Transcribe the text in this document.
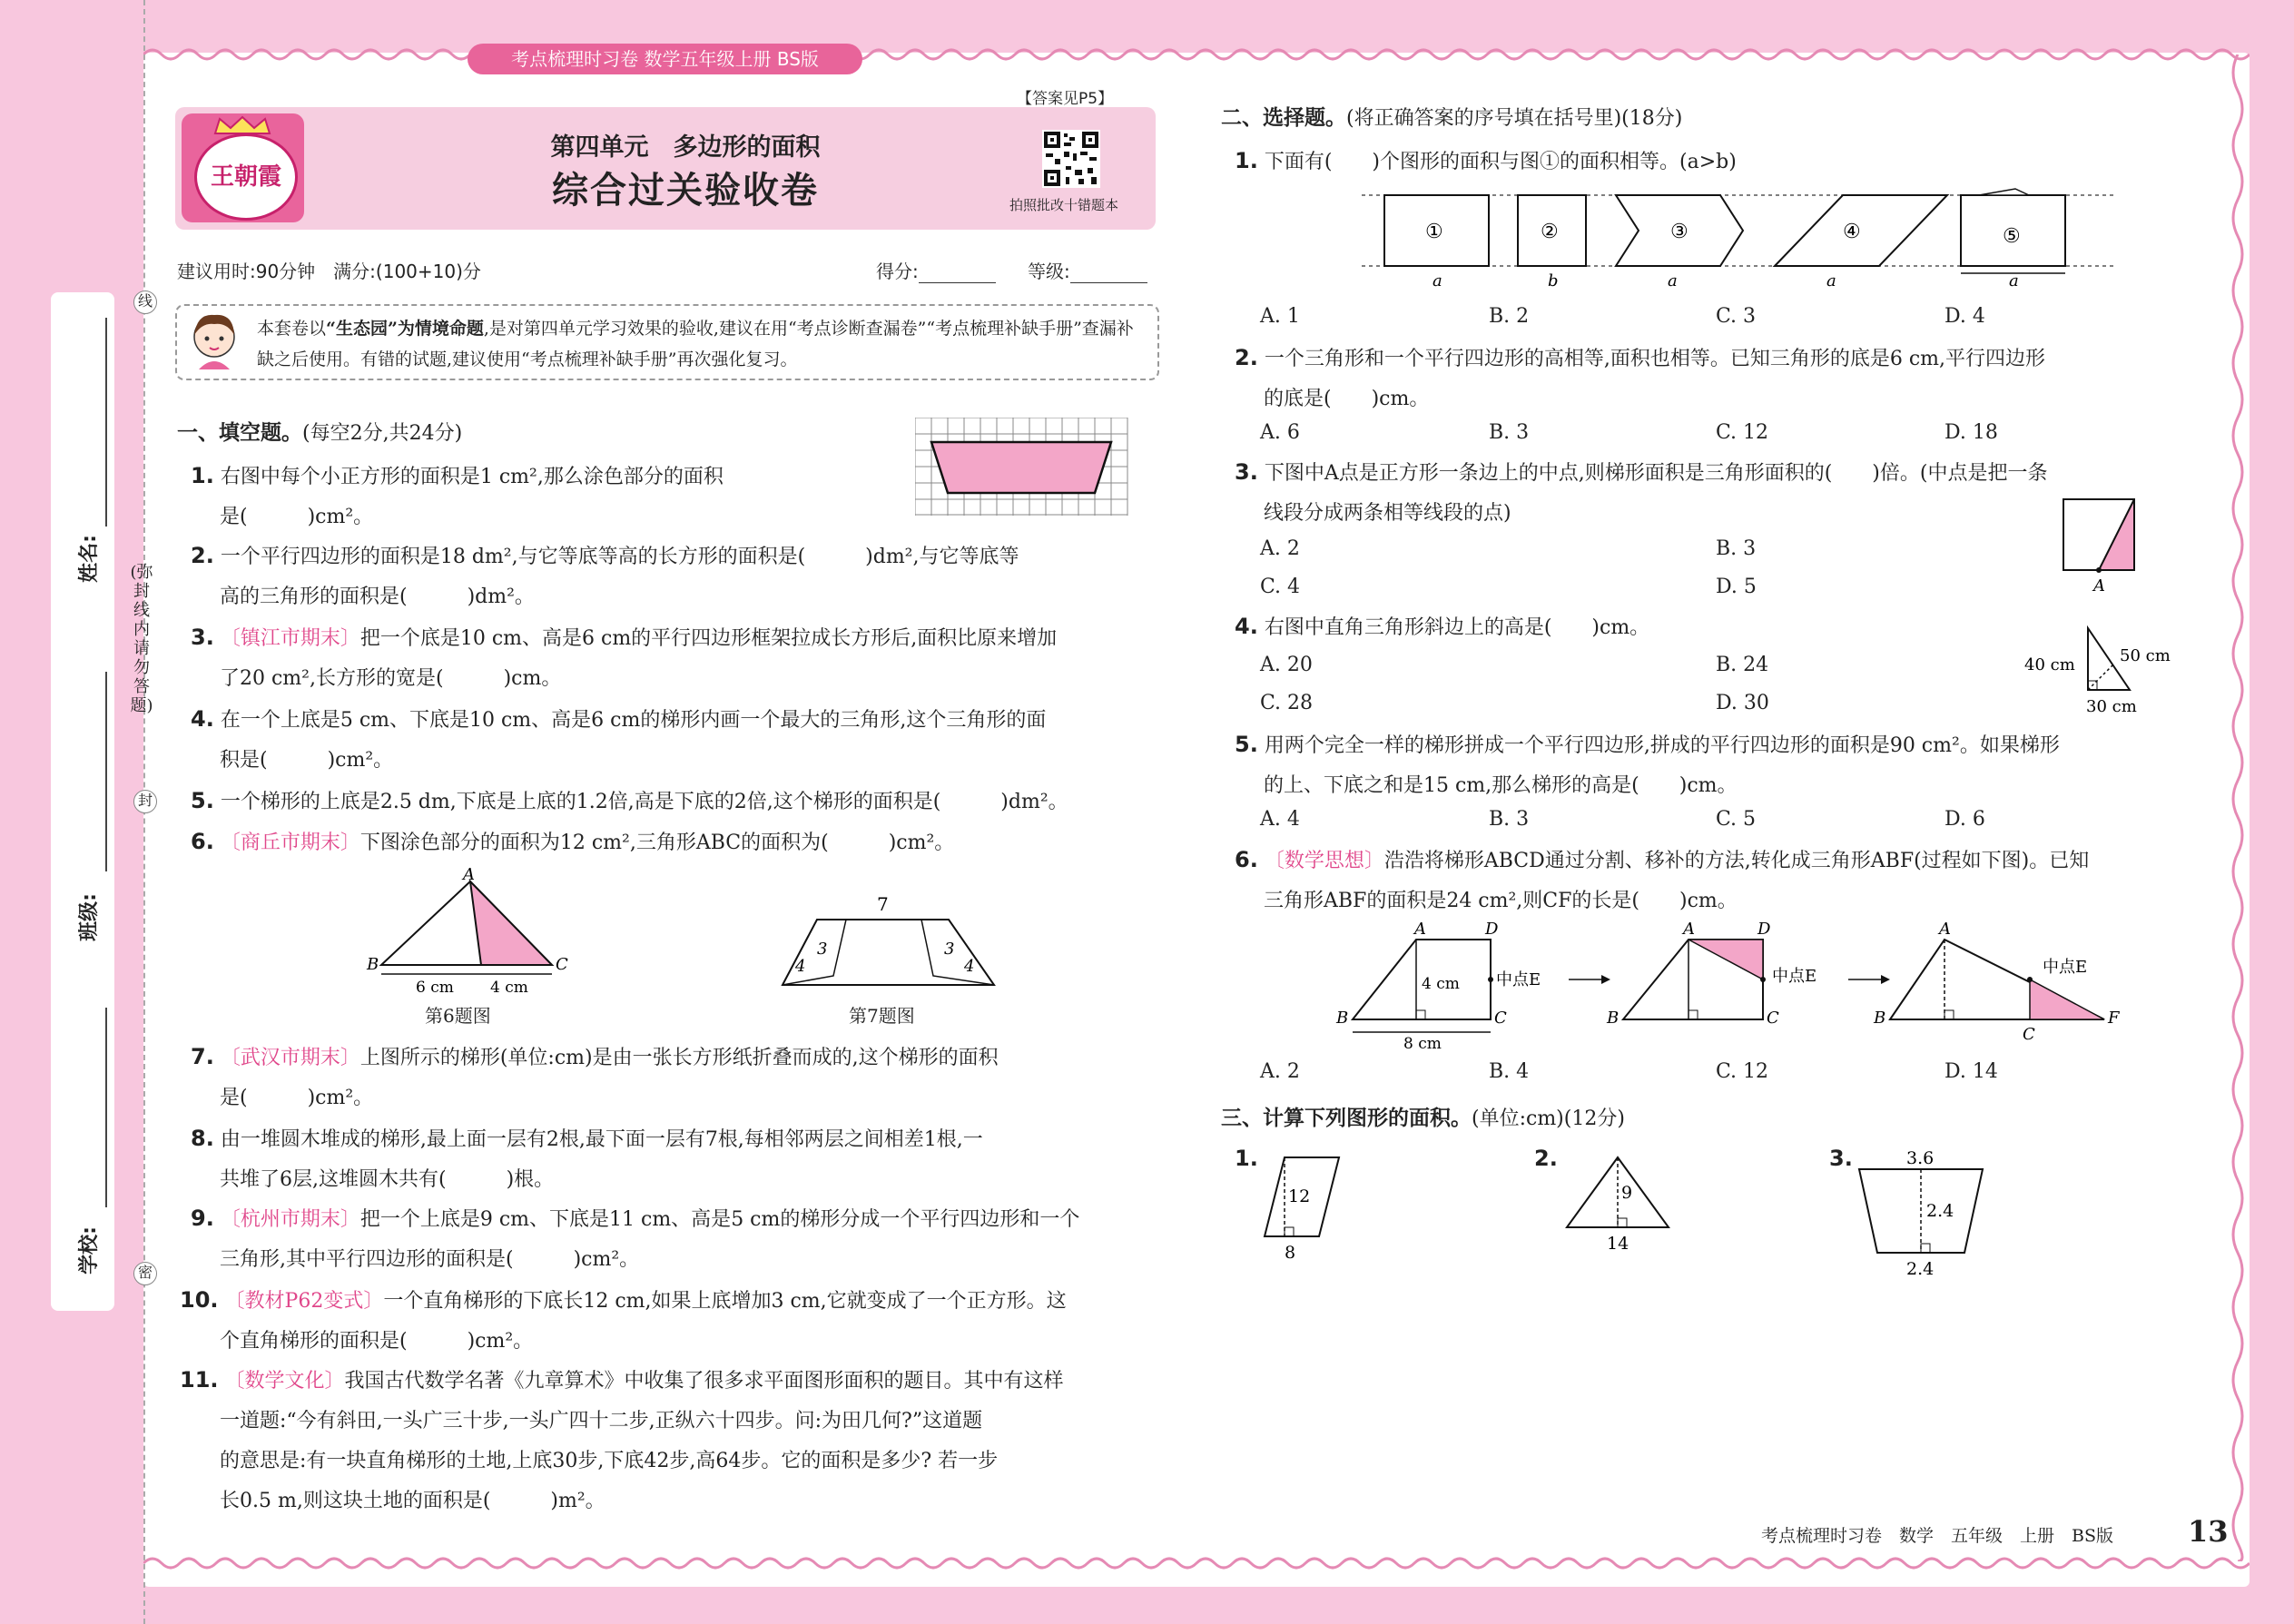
考点梳理时习卷 数学五年级上册 BS版
姓名:
班级:
学校:
线
封
密
(弥封线内请勿答题)
王朝霞
第四单元　多边形的面积
综合过关验收卷
【答案见P5】
拍照批改十错题本
建议用时:90分钟　满分:(100+10)分	得分:	等级:
本套卷以“生态园”为情境命题,是对第四单元学习效果的验收,建议在用“考点诊断查漏卷”“考点梳理补缺手册”查漏补缺之后使用。有错的试题,建议使用“考点梳理补缺手册”再次强化复习。
一、填空题。(每空2分,共24分)
1. 右图中每个小正方形的面积是1 cm²,那么涂色部分的面积
是(　　　)cm²。
2. 一个平行四边形的面积是18 dm²,与它等底等高的长方形的面积是(　　　)dm²,与它等底等
高的三角形的面积是(　　　)dm²。
3. 〔镇江市期末〕把一个底是10 cm、高是6 cm的平行四边形框架拉成长方形后,面积比原来增加
了20 cm²,长方形的宽是(　　　)cm。
4. 在一个上底是5 cm、下底是10 cm、高是6 cm的梯形内画一个最大的三角形,这个三角形的面
积是(　　　)cm²。
5. 一个梯形的上底是2.5 dm,下底是上底的1.2倍,高是下底的2倍,这个梯形的面积是(　　　)dm²。
6. 〔商丘市期末〕下图涂色部分的面积为12 cm²,三角形ABC的面积为(　　　)cm²。
A
B	C
6 cm 4 cm
第6题图
7
4
3	3
4
第7题图
7. 〔武汉市期末〕上图所示的梯形(单位:cm)是由一张长方形纸折叠而成的,这个梯形的面积
是(　　　)cm²。
8. 由一堆圆木堆成的梯形,最上面一层有2根,最下面一层有7根,每相邻两层之间相差1根,一
共堆了6层,这堆圆木共有(　　　)根。
9. 〔杭州市期末〕把一个上底是9 cm、下底是11 cm、高是5 cm的梯形分成一个平行四边形和一个
三角形,其中平行四边形的面积是(　　　)cm²。
10. 〔教材P62变式〕一个直角梯形的下底长12 cm,如果上底增加3 cm,它就变成了一个正方形。这
个直角梯形的面积是(　　　)cm²。
11. 〔数学文化〕我国古代数学名著《九章算术》中收集了很多求平面图形面积的题目。其中有这样
一道题:“今有斜田,一头广三十步,一头广四十二步,正纵六十四步。问:为田几何?”这道题
的意思是:有一块直角梯形的土地,上底30步,下底42步,高64步。它的面积是多少? 若一步
长0.5 m,则这块土地的面积是(　　　)m²。
二、选择题。(将正确答案的序号填在括号里)(18分)
1. 下面有(　　)个图形的面积与图①的面积相等。(a>b)
①	②	③	④	⑤
a	b	a	a	a
A. 1	B. 2	C. 3	D. 4
2. 一个三角形和一个平行四边形的高相等,面积也相等。已知三角形的底是6 cm,平行四边形
的底是(　　)cm。
A. 6	B. 3	C. 12	D. 18
3. 下图中A点是正方形一条边上的中点,则梯形面积是三角形面积的(　　)倍。(中点是把一条
线段分成两条相等线段的点)
A
A. 2	B. 3
C. 4	D. 5
4. 右图中直角三角形斜边上的高是(　　)cm。
40 cm	50 cm
30 cm
A. 20	B. 24
C. 28	D. 30
5. 用两个完全一样的梯形拼成一个平行四边形,拼成的平行四边形的面积是90 cm²。如果梯形
的上、下底之和是15 cm,那么梯形的高是(　　)cm。
A. 4	B. 3	C. 5	D. 6
6. 〔数学思想〕浩浩将梯形ABCD通过分割、移补的方法,转化成三角形ABF(过程如下图)。已知
三角形ABF的面积是24 cm²,则CF的长是(　　)cm。
A	D
B	C
中点E
4 cm
8 cm
A	D
B	C
中点E
A
B
C
F
中点E
A. 2	B. 4	C. 12	D. 14
三、计算下列图形的面积。(单位:cm)(12分)
1.
12
8
2.
9
14
3.	3.6
2.4
2.4
考点梳理时习卷　数学　五年级　上册　BS版	13
